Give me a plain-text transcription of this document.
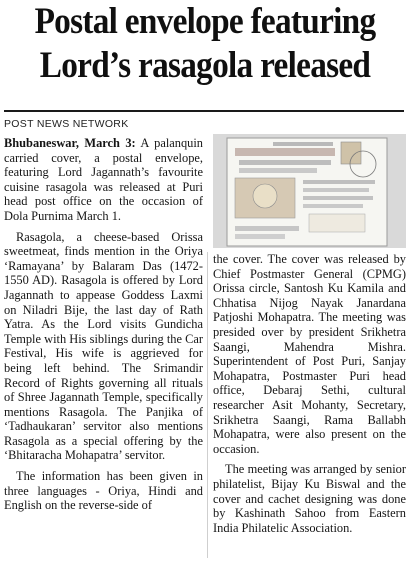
Postal envelope featuring
Lord’s rasagola released
POST NEWS NETWORK

Bhubaneswar, March 3: A palanquin carried cover, a postal envelope, featuring Lord Jagannath’s favourite cuisine rasagola was released at Puri head post office on the occasion of Dola Purnima March 1.

Rasagola, a cheese-based Orissa sweetmeat, finds mention in the Oriya ‘Ramayana’ by Balaram Das (1472-1550 AD). Rasagola is offered by Lord Jagannath to appease Goddess Laxmi on Niladri Bije, the last day of Rath Yatra. As the Lord visits Gundicha Temple with His siblings during the Car Festival, His wife is aggrieved for being left behind. The Srimandir Record of Rights governing all rituals of Shree Jagannath Temple, specifically mentions Rasagola. The Panjika of ‘Tadhaukaran’ servitor also mentions Rasagola as a special offering by the ‘Bhitaracha Mohapatra’ servitor.

The information has been given in three languages - Oriya, Hindi and English on the reverse-side of

the cover. The cover was released by Chief Postmaster General (CPMG) Orissa circle, Santosh Ku Kamila and Chhatisa Nijog Nayak Janardana Patjoshi Mohapatra. The meeting was presided over by president Srikhetra Saangi, Mahendra Mishra. Superintendent of Post Puri, Sanjay Mohapatra, Postmaster Puri head office, Debaraj Sethi, cultural researcher Asit Mohanty, Secretary, Srikhetra Saangi, Rama Ballabh Mohapatra, were also present on the occasion.

The meeting was arranged by senior philatelist, Bijay Ku Biswal and the cover and cachet designing was done by Kashinath Sahoo from Eastern India Philatelic Association.
